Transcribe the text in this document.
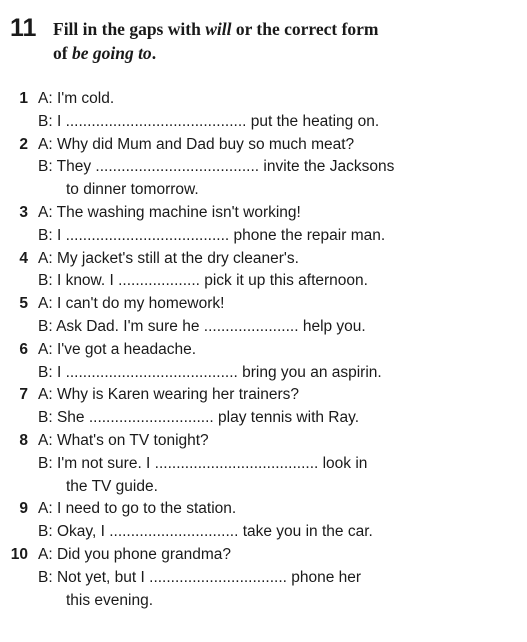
11 Fill in the gaps with will or the correct form
of be going to.
1 A: I'm cold.
B: I .......................................... put the heating on.
2 A: Why did Mum and Dad buy so much meat?
B: They ...................................... invite the Jacksons
to dinner tomorrow.
3 A: The washing machine isn't working!
B: I ...................................... phone the repair man.
4 A: My jacket's still at the dry cleaner's.
B: I know. I ................... pick it up this afternoon.
5 A: I can't do my homework!
B: Ask Dad. I'm sure he ...................... help you.
6 A: I've got a headache.
B: I ........................................ bring you an aspirin.
7 A: Why is Karen wearing her trainers?
B: She ............................. play tennis with Ray.
8 A: What's on TV tonight?
B: I'm not sure. I ...................................... look in
the TV guide.
9 A: I need to go to the station.
B: Okay, I .............................. take you in the car.
10 A: Did you phone grandma?
B: Not yet, but I ................................ phone her
this evening.
